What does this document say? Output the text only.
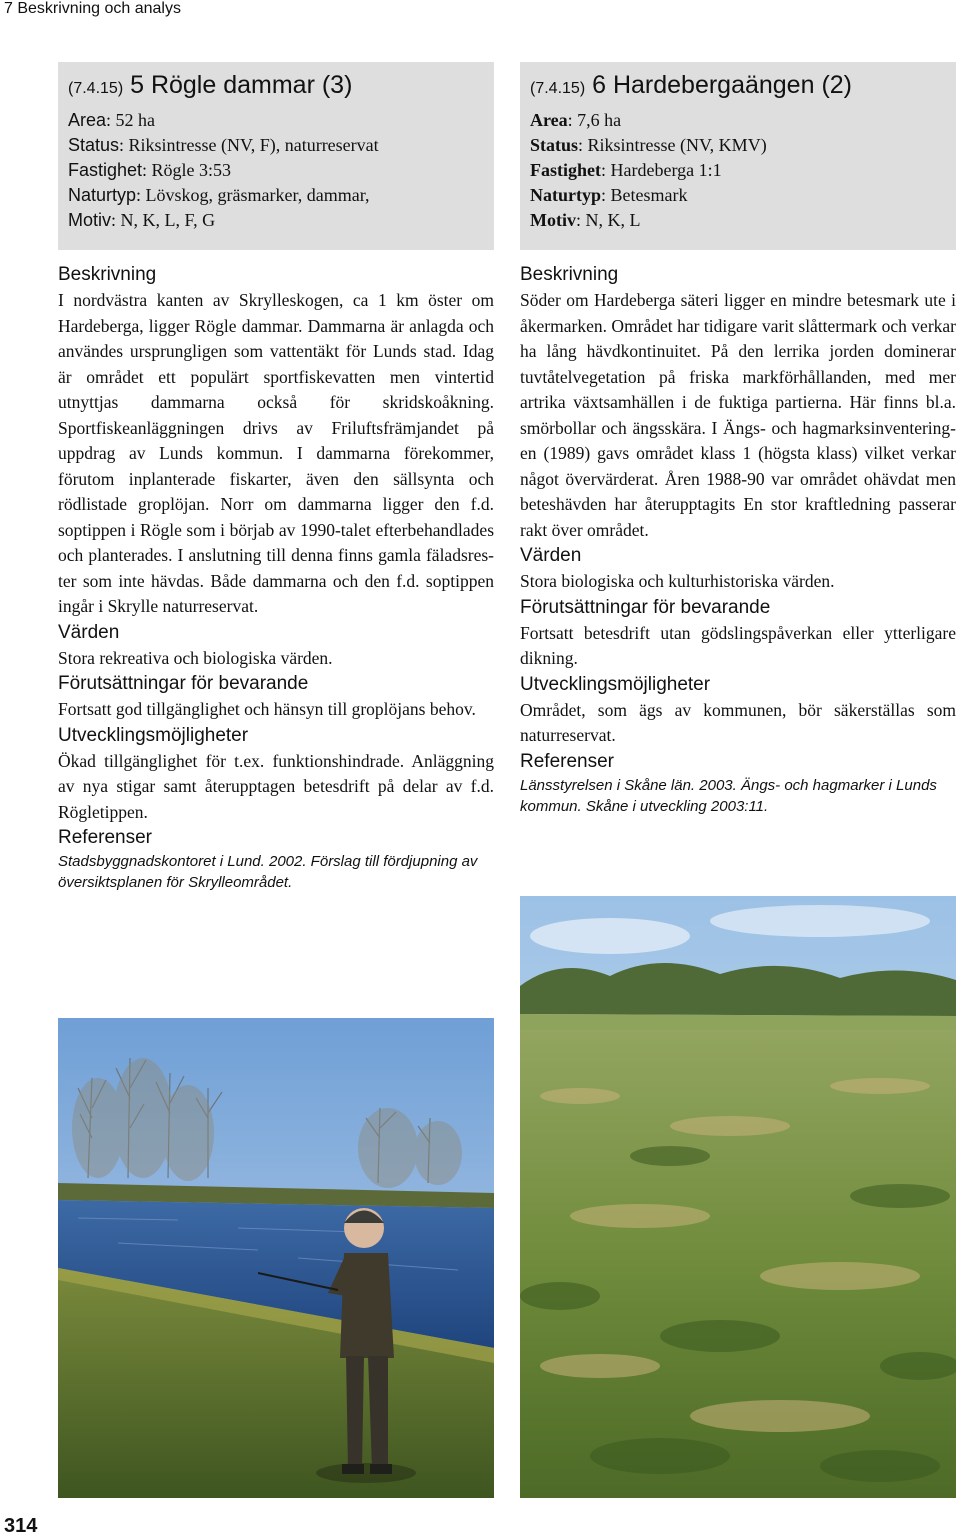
7 Beskrivning och analys
(7.4.15) 5 Rögle dammar (3)

Area: 52 ha

Status: Riksintresse (NV, F), naturreservat

Fastighet: Rögle 3:53

Naturtyp: Lövskog, gräsmarker, dammar,

Motiv: N, K, L, F, G

Beskrivning

I nordvästra kanten av Skrylleskogen, ca 1 km öster om Hardeberga, ligger Rögle dammar. Dammarna är anlagda och användes ursprungligen som vattentäkt för Lunds stad. Idag är området ett populärt sportfiskevatten men vintertid utnyttjas dammarna också för skridskoåkning. Sportfiskeanläggningen drivs av Friluftsfrämjandet på uppdrag av Lunds kommun. I dammarna förekommer, förutom inplanterade fiskarter, även den sällsynta och rödlistade groplöjan. Norr om dammarna ligger den f.d. soptippen i Rögle som i börjab av 1990-talet efterbehandlades och planterades. I anslutning till denna finns gamla fäladsrester som inte hävdas. Både dammarna och den f.d. soptippen ingår i Skrylle naturreservat.

Värden

Stora rekreativa och biologiska värden.

Förutsättningar för bevarande

Fortsatt god tillgänglighet och hänsyn till groplöjans behov.

Utvecklingsmöjligheter

Ökad tillgänglighet för t.ex. funktionshindrade. Anläggning av nya stigar samt återupptagen betesdrift på delar av f.d. Rögletippen.

Referenser

Stadsbyggnadskontoret i Lund. 2002. Förslag till fördjupning av översiktsplanen för Skrylleområdet.

(7.4.15) 6 Hardebergaängen (2)

Area: 7,6 ha

Status: Riksintresse (NV, KMV)

Fastighet: Hardeberga 1:1

Naturtyp: Betesmark

Motiv: N, K, L

Beskrivning

Söder om Hardeberga säteri ligger en mindre betesmark ute i åkermarken. Området har tidigare varit slåttermark och verkar ha lång hävdkontinuitet. På den lerrika jorden dominerar tuvtåtelvegetation på friska markförhållanden, med mer artrika växtsamhällen i de fuktiga partierna. Här finns bl.a. smörbollar och ängsskära. I Ängs- och hagmarksinventeringen (1989) gavs området klass 1 (högsta klass) vilket verkar något övervärderat. Åren 1988-90 var området ohävdat men beteshävden har återupptagits En stor kraftledning passerar rakt över området.

Värden

Stora biologiska och kulturhistoriska värden.

Förutsättningar för bevarande

Fortsatt betesdrift utan gödslingspåverkan eller ytterligare dikning.

Utvecklingsmöjligheter

Området, som ägs av kommunen, bör säkerställas som naturreservat.

Referenser

Länsstyrelsen i Skåne län. 2003. Ängs- och hagmarker i Lunds kommun. Skåne i utveckling 2003:11.

314
